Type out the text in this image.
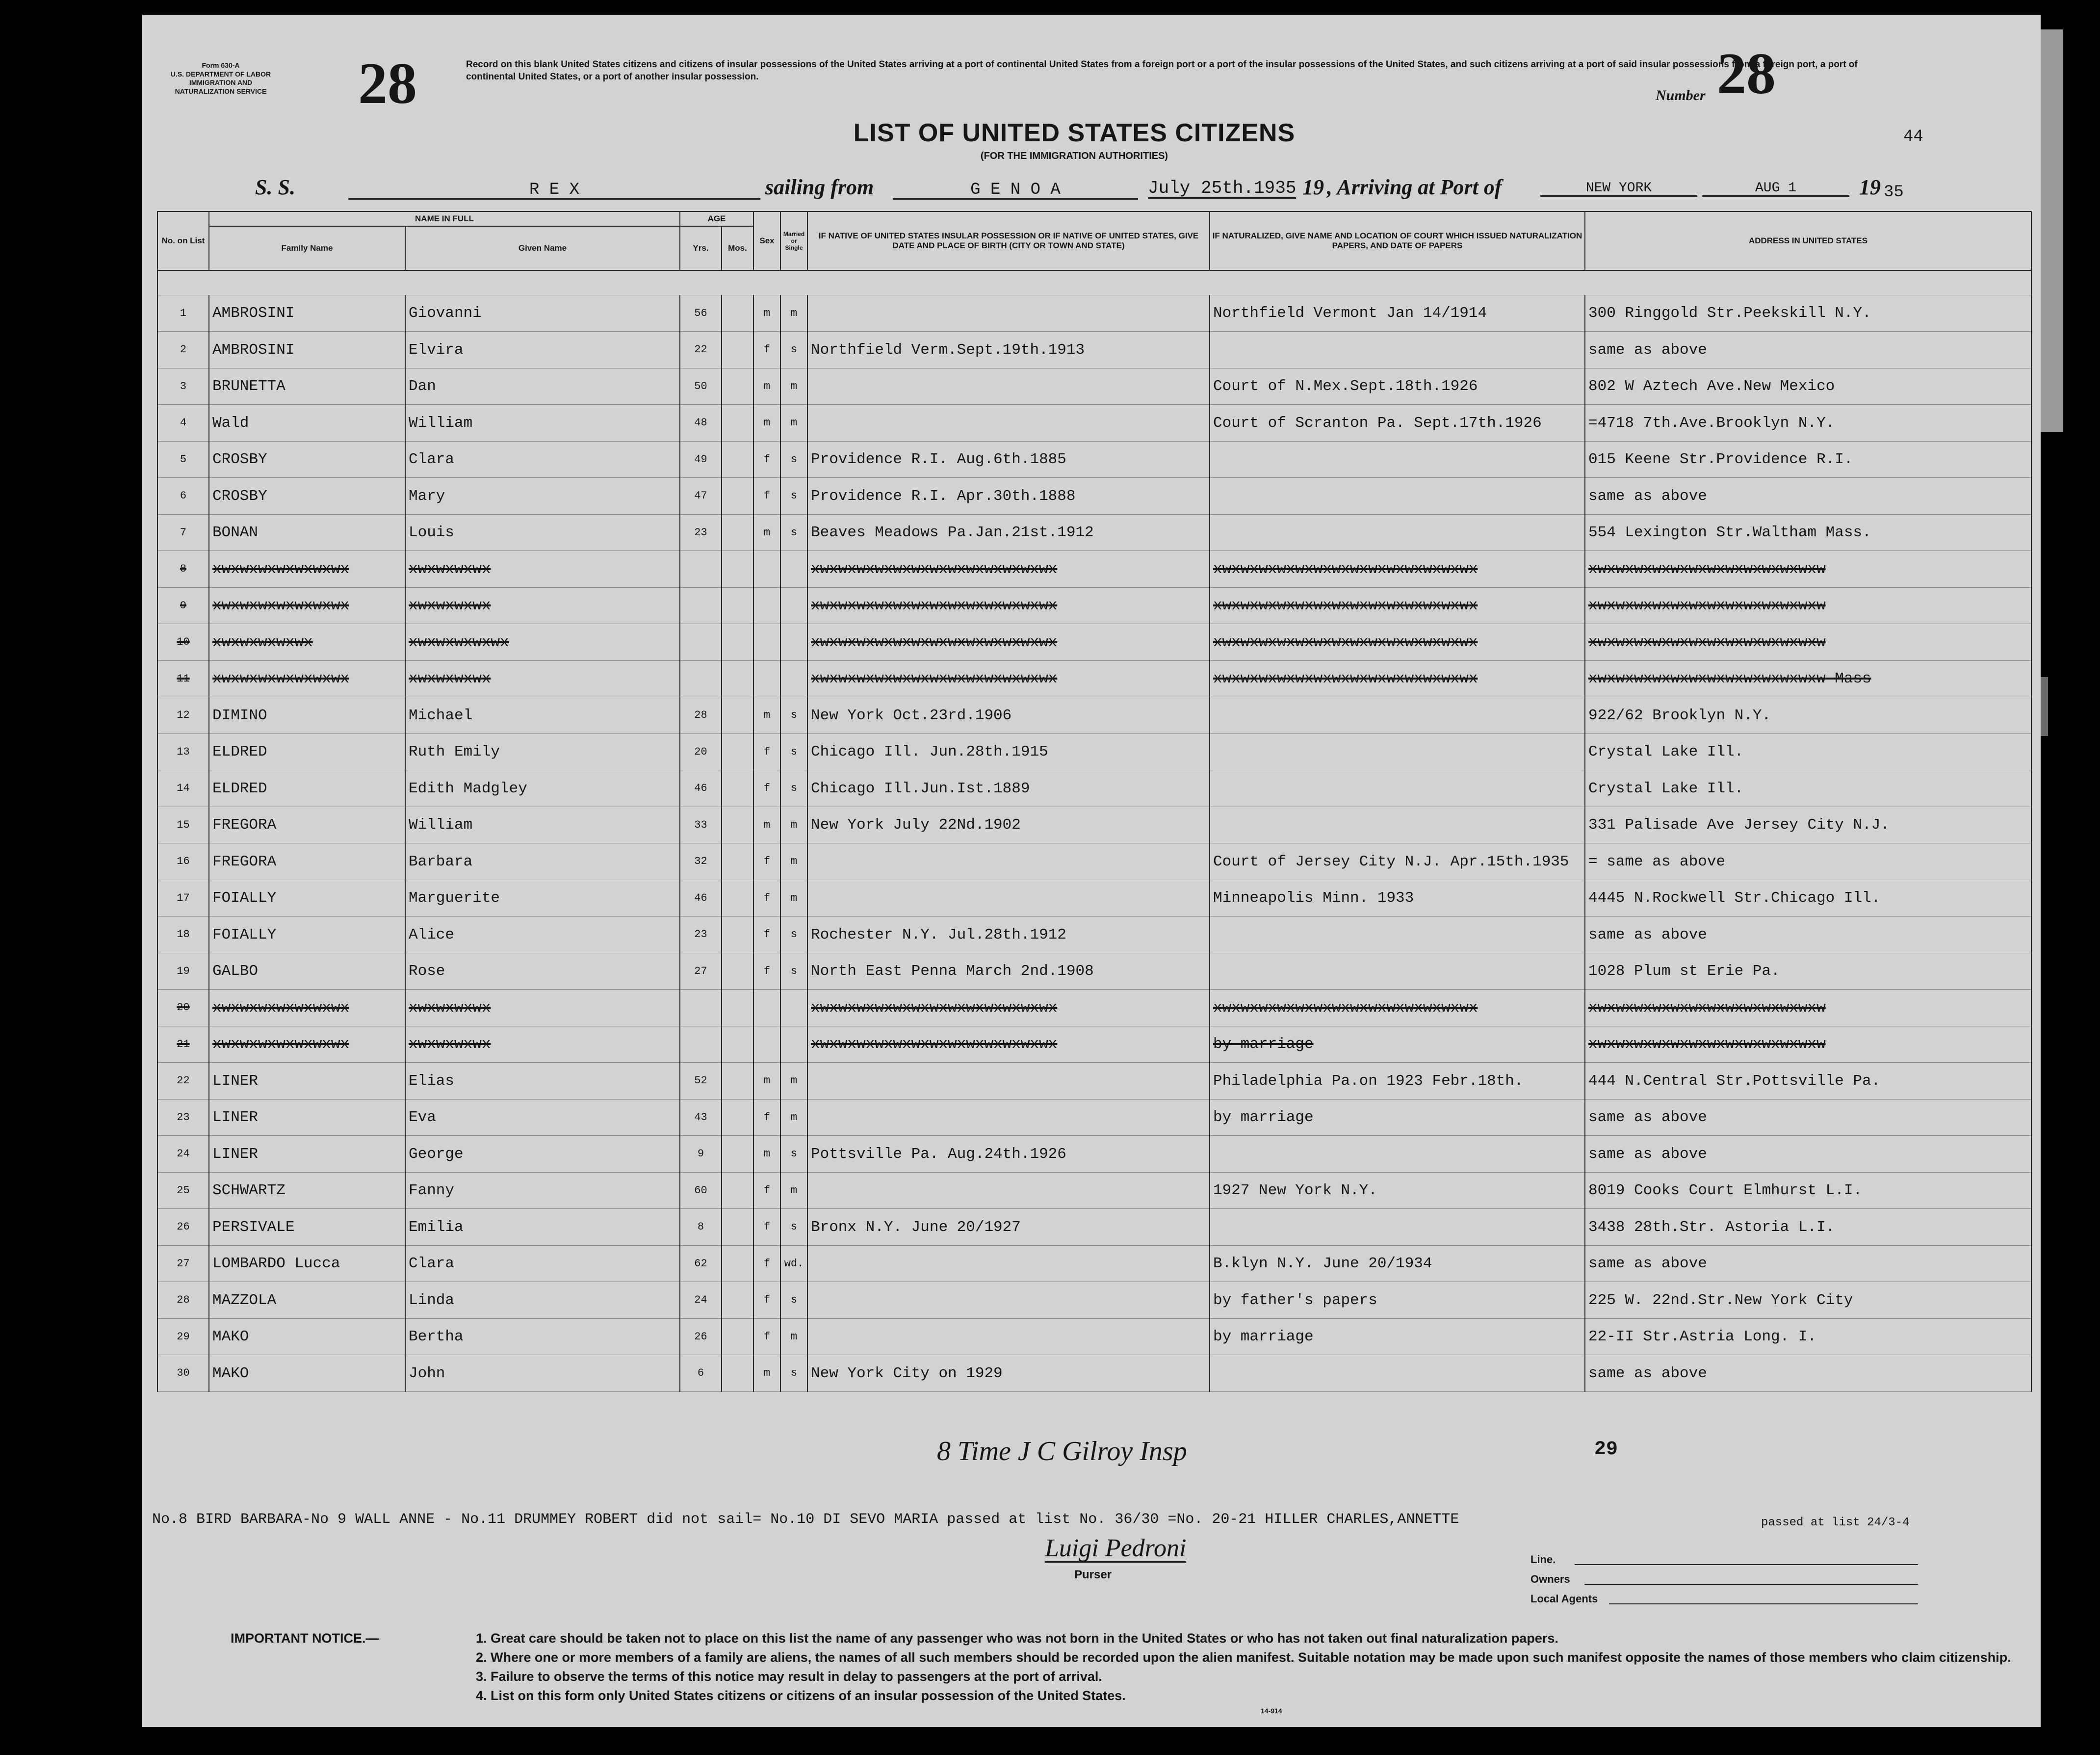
Form 630-A
U.S. DEPARTMENT OF LABOR
IMMIGRATION AND
NATURALIZATION SERVICE	28	Record on this blank United States citizens and citizens of insular possessions of the United States arriving at a port of continental United States from a foreign port or a port of the insular possessions of the United States, and such citizens arriving at a port of said insular possessions from a foreign port, a port of continental United States, or a port of another insular possession.
Number 28
44
LIST OF UNITED STATES CITIZENS
(FOR THE IMMIGRATION AUTHORITIES)
S. S.	R E X	sailing from	G E N O A	July 25th.1935 19 , Arriving at Port of	NEW YORK	AUG 1	19 35
No. on List	NAME IN FULL		AGE		Sex	Married or Single	IF NATIVE OF UNITED STATES INSULAR POSSESSION OR IF NATIVE OF UNITED STATES, GIVE DATE AND PLACE OF BIRTH (CITY OR TOWN AND STATE)	IF NATURALIZED, GIVE NAME AND LOCATION OF COURT WHICH ISSUED NATURALIZATION PAPERS, AND DATE OF PAPERS	ADDRESS IN UNITED STATES
	Family Name	Given Name	Yrs.	Mos.					

1	AMBROSINI	Giovanni	56		m	m		Northfield Vermont Jan 14/1914	300 Ringgold Str.Peekskill N.Y.
2	AMBROSINI	Elvira	22		f	s	Northfield Verm.Sept.19th.1913		same as above
3	BRUNETTA	Dan	50		m	m		Court of N.Mex.Sept.18th.1926	802 W Aztech Ave.New Mexico
4	Wald	William	48		m	m		Court of Scranton Pa. Sept.17th.1926	=4718 7th.Ave.Brooklyn N.Y.
5	CROSBY	Clara	49		f	s	Providence R.I. Aug.6th.1885		015 Keene Str.Providence R.I.
6	CROSBY	Mary	47		f	s	Providence R.I. Apr.30th.1888		same as above
7	BONAN	Louis	23		m	s	Beaves Meadows Pa.Jan.21st.1912		554 Lexington Str.Waltham Mass.
8	xwxwxwxwxwxwxwx	xwxwxwxwx					xwxwxwxwxwxwxwxwxwxwxwxwxwx	xwxwxwxwxwxwxwxwxwxwxwxwxwxwx	xwxwxwxwxwxwxwxwxwxwxwxwxw
9	xwxwxwxwxwxwxwx	xwxwxwxwx					xwxwxwxwxwxwxwxwxwxwxwxwxwx	xwxwxwxwxwxwxwxwxwxwxwxwxwxwx	xwxwxwxwxwxwxwxwxwxwxwxwxw
10	xwxwxwxwxwx	xwxwxwxwxwx					xwxwxwxwxwxwxwxwxwxwxwxwxwx	xwxwxwxwxwxwxwxwxwxwxwxwxwxwx	xwxwxwxwxwxwxwxwxwxwxwxwxw
11	xwxwxwxwxwxwxwx	xwxwxwxwx					xwxwxwxwxwxwxwxwxwxwxwxwxwx	xwxwxwxwxwxwxwxwxwxwxwxwxwxwx	xwxwxwxwxwxwxwxwxwxwxwxwxw Mass
12	DIMINO	Michael	28		m	s	New York Oct.23rd.1906		922/62 Brooklyn N.Y.
13	ELDRED	Ruth Emily	20		f	s	Chicago Ill. Jun.28th.1915		Crystal Lake Ill.
14	ELDRED	Edith Madgley	46		f	s	Chicago Ill.Jun.Ist.1889		Crystal Lake Ill.
15	FREGORA	William	33		m	m	New York July 22Nd.1902		331 Palisade Ave Jersey City N.J.
16	FREGORA	Barbara	32		f	m		Court of Jersey City N.J. Apr.15th.1935	= same as above
17	FOIALLY	Marguerite	46		f	m		Minneapolis Minn. 1933	4445 N.Rockwell Str.Chicago Ill.
18	FOIALLY	Alice	23		f	s	Rochester N.Y. Jul.28th.1912		same as above
19	GALBO	Rose	27		f	s	North East Penna March 2nd.1908		1028 Plum st Erie Pa.
20	xwxwxwxwxwxwxwx	xwxwxwxwx					xwxwxwxwxwxwxwxwxwxwxwxwxwx	xwxwxwxwxwxwxwxwxwxwxwxwxwxwx	xwxwxwxwxwxwxwxwxwxwxwxwxw
21	xwxwxwxwxwxwxwx	xwxwxwxwx					xwxwxwxwxwxwxwxwxwxwxwxwxwx	by marriage	xwxwxwxwxwxwxwxwxwxwxwxwxw
22	LINER	Elias	52		m	m		Philadelphia Pa.on 1923 Febr.18th.	444 N.Central Str.Pottsville Pa.
23	LINER	Eva	43		f	m		by marriage	same as above
24	LINER	George	9		m	s	Pottsville Pa. Aug.24th.1926		same as above
25	SCHWARTZ	Fanny	60		f	m		1927 New York N.Y.	8019 Cooks Court Elmhurst L.I.
26	PERSIVALE	Emilia	8		f	s	Bronx N.Y. June 20/1927		3438 28th.Str. Astoria L.I.
27	LOMBARDO Lucca	Clara	62		f	wd.		B.klyn N.Y. June 20/1934	same as above
28	MAZZOLA	Linda	24		f	s		by father's papers	225 W. 22nd.Str.New York City
29	MAKO	Bertha	26		f	m		by marriage	22-II Str.Astria Long. I.
30	MAKO	John	6		m	s	New York City on 1929		same as above
8 Time J C Gilroy Insp	29
No.8 BIRD BARBARA-No 9 WALL ANNE - No.11 DRUMMEY ROBERT did not sail= No.10 DI SEVO MARIA passed at list No. 36/30 =No. 20-21 HILLER CHARLES,ANNETTE	passed at list 24/3-4
Luigi Pedroni
Purser
Line.
Owners
Local Agents
IMPORTANT NOTICE.—	1. Great care should be taken not to place on this list the name of any passenger who was not born in the United States or who has not taken out final naturalization papers.
2. Where one or more members of a family are aliens, the names of all such members should be recorded upon the alien manifest. Suitable notation may be made upon such manifest opposite the names of those members who claim citizenship.
3. Failure to observe the terms of this notice may result in delay to passengers at the port of arrival.
4. List on this form only United States citizens or citizens of an insular possession of the United States.
14-914
